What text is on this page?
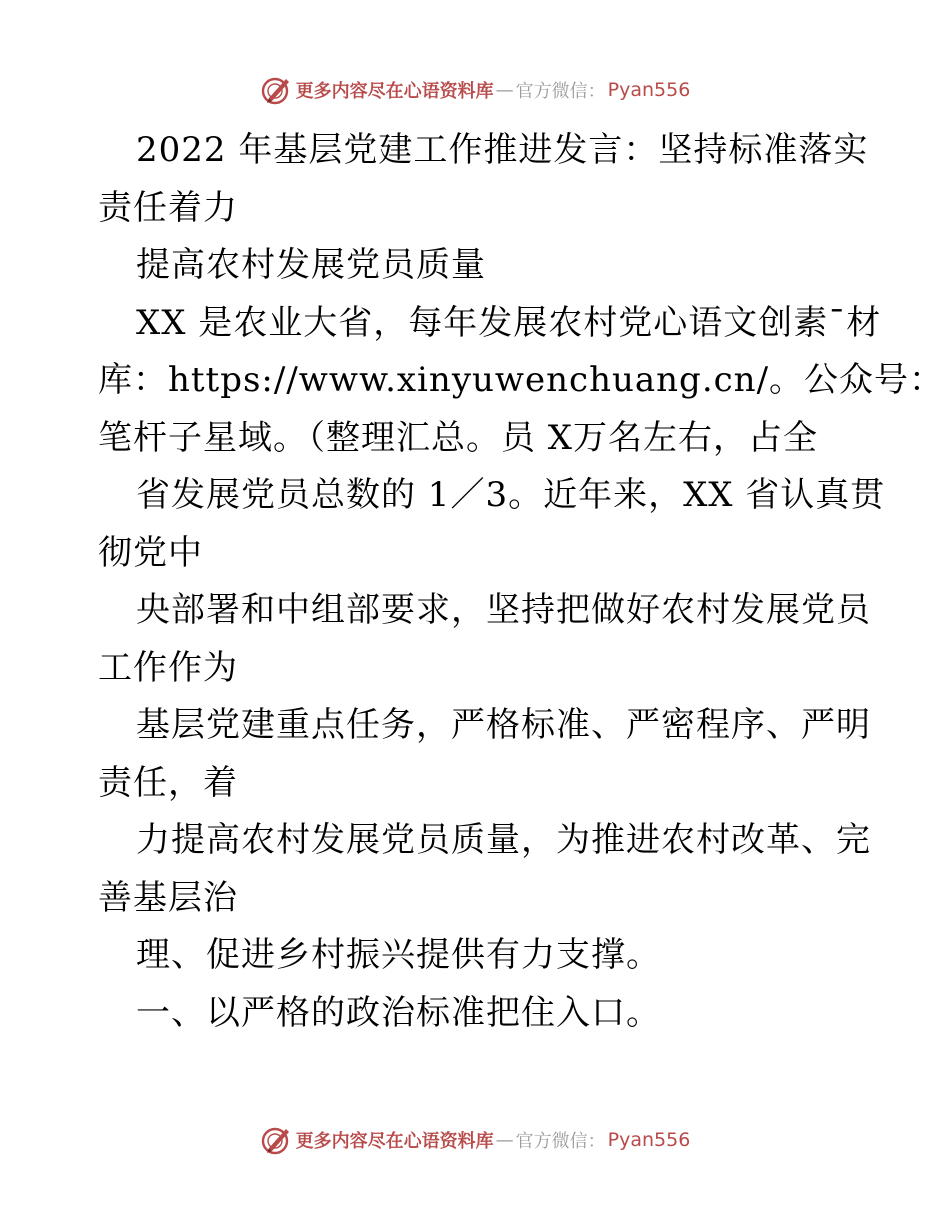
更多内容尽在心语资料库 — 官方微信： Pyan556
2022 年基层党建工作推进发言：坚持标准落实
责任着力
提高农村发展党员质量
XX 是农业大省，每年发展农村党心语文创素¯材
库：https://www.xinyuwenchuang.cn/。公众号：
笔杆子星域。（整理汇总。员 X万名左右，占全
省发展党员总数的 1／3。近年来，XX 省认真贯
彻党中
央部署和中组部要求，坚持把做好农村发展党员
工作作为
基层党建重点任务，严格标准、严密程序、严明
责任，着
力提高农村发展党员质量，为推进农村改革、完
善基层治
理、促进乡村振兴提供有力支撑。
一、以严格的政治标准把住入口。
更多内容尽在心语资料库 — 官方微信： Pyan556
